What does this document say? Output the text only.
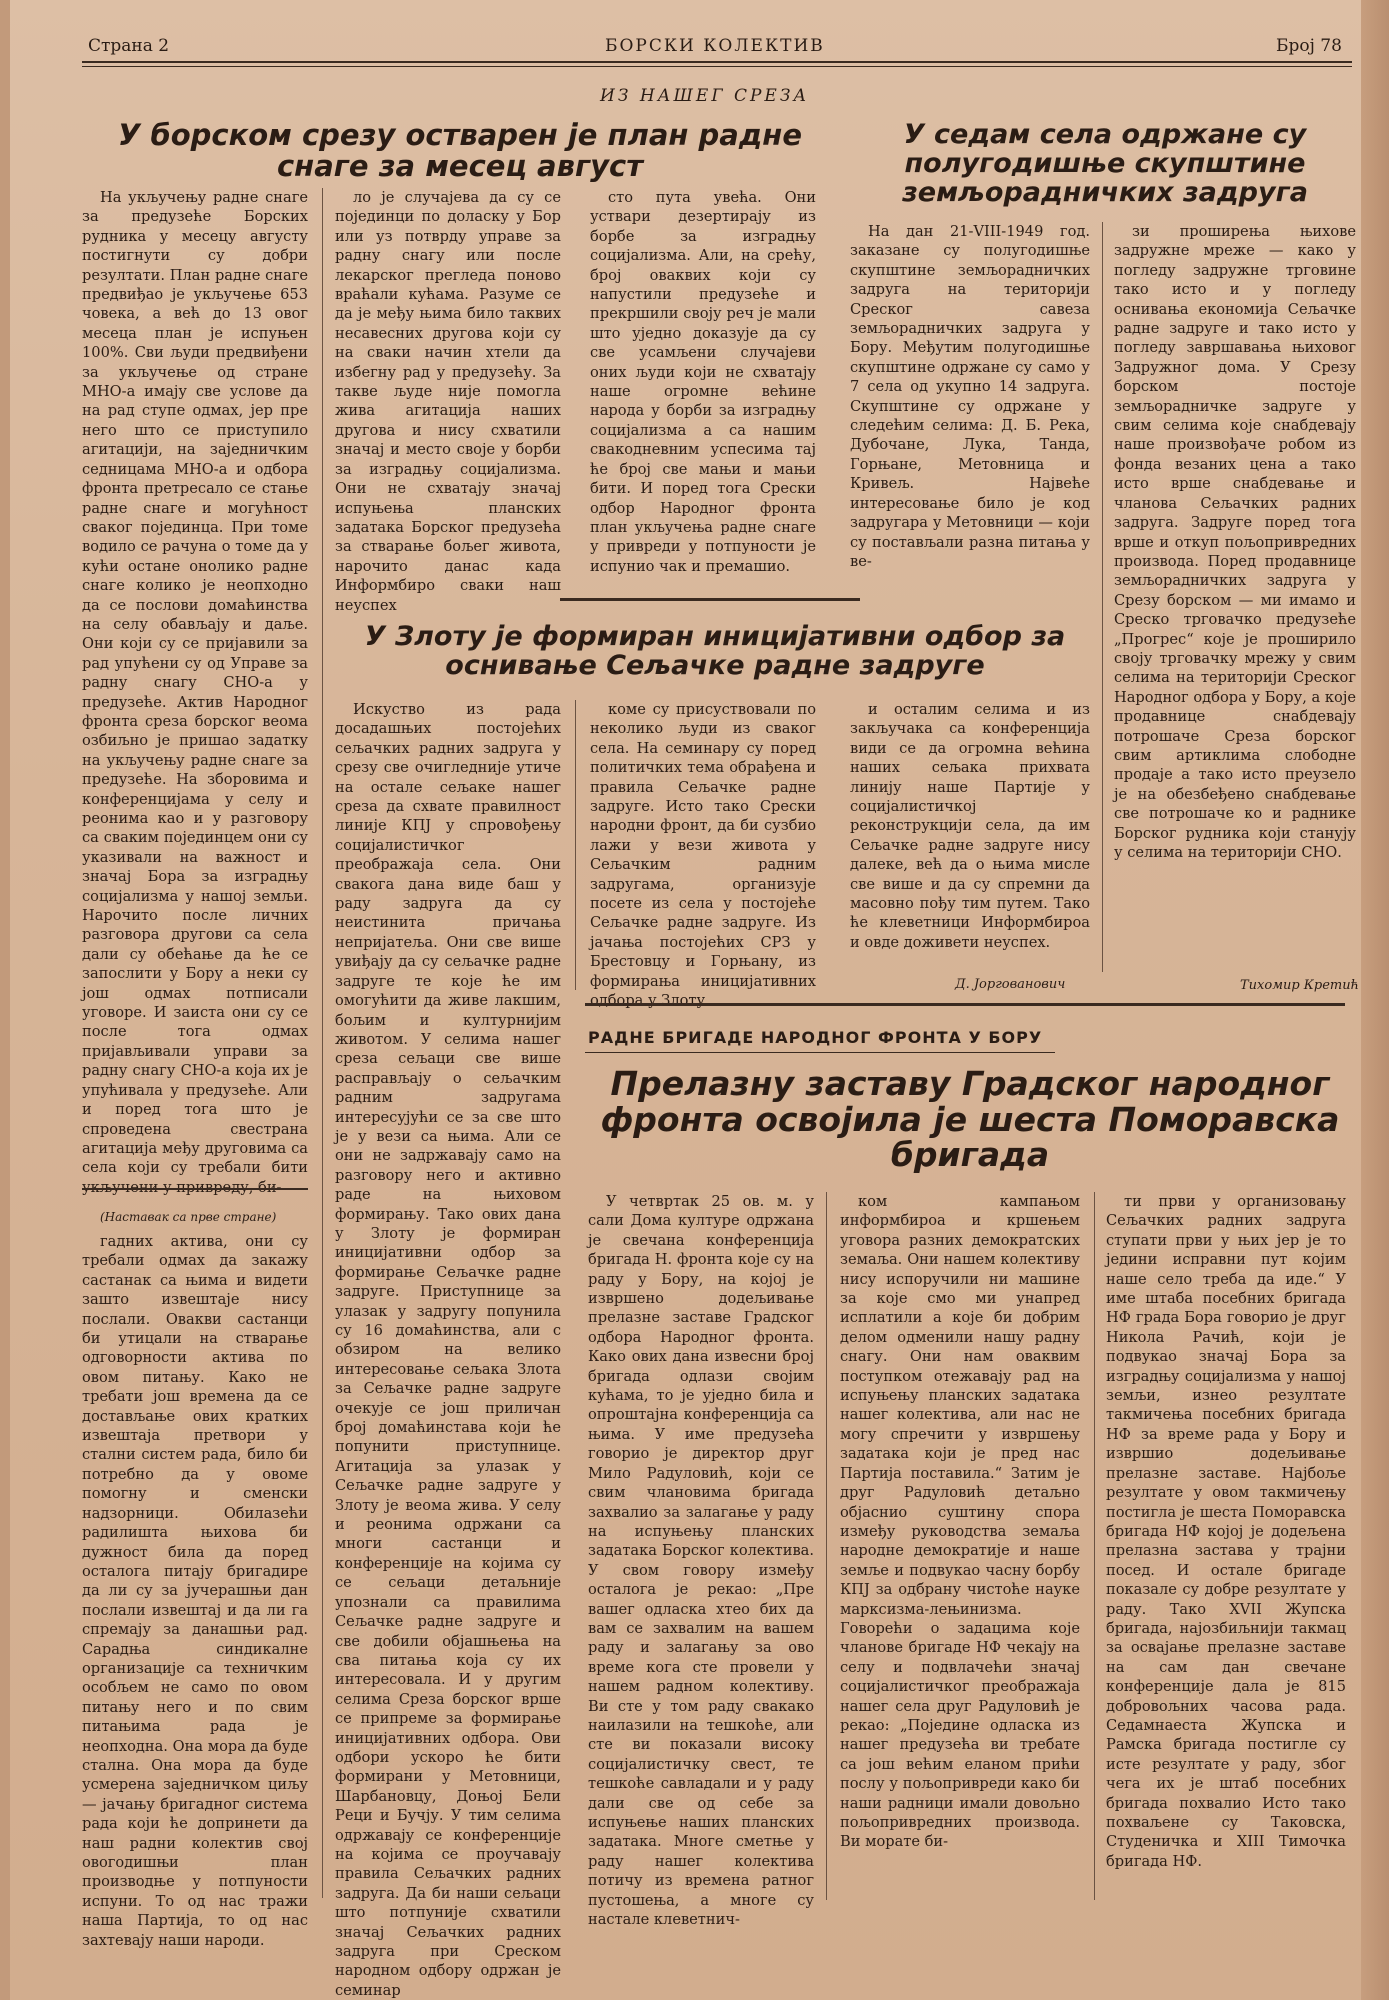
Страна 2	БОРСКИ КОЛЕКТИВ	Број 78
ИЗ НАШЕГ СРЕЗА
У борском срезу остварен је план радне снаге за месец август

На укључењу радне снаге за предузеће Борских рудника у месецу августу постигнути су добри резултати. План радне снаге предвиђао је укључење 653 човека, а већ до 13 овог месеца план је испуњен 100%. Сви људи предвиђени за укључење од стране МНО-а имају све услове да на рад ступе одмах, јер пре него што се приступило агитацији, на заједничким седницама МНО-а и одбора фронта претресало се стање радне снаге и могућност сваког појединца. При томе водило се рачуна о томе да у кући остане онолико радне снаге колико је неопходно да се послови домаћинства на селу обављају и даље. Они који су се пријавили за рад упућени су од Управе за радну снагу СНО-а у предузеће. Актив Народног фронта среза борског веома озбиљно је пришао задатку на укључењу радне снаге за предузеће. На зборовима и конференцијама у селу и реонима као и у разговору са сваким појединцем они су указивали на важност и значај Бора за изградњу социјализма у нашој земљи. Нарочито после личних разговора другови са села дали су обећање да ће се запослити у Бору а неки су још одмах потписали уговоре. И заиста они су се после тога одмах пријављивали управи за радну снагу СНО-а која их је упућивала у предузеће. Али и поред тога што је спроведена свестрана агитација међу друговима са села који су требали бити укључени у привреду, би-

ло је случајева да су се појединци по доласку у Бор или уз потврду управе за радну снагу или после лекарског прегледа поново враћали кућама. Разуме се да је међу њима било таквих несавесних другова који су на сваки начин хтели да избегну рад у предузећу. За такве људе није помогла жива агитација наших другова и нису схватили значај и место своје у борби за изградњу социјализма. Они не схватају значај испуњења планских задатака Борског предузећа за стварање бољег живота, нарочито данас када Информбиро сваки наш неуспех

сто пута увећа. Они уствари дезертирају из борбе за изградњу социјализма. Али, на срећу, број оваквих који су напустили предузеће и прекршили своју реч је мали што уједно доказује да су све усамљени случајеви оних људи који не схватају наше огромне већине народа у борби за изградњу социјализма а са нашим свакодневним успесима тај ће број све мањи и мањи бити. И поред тога Срески одбор Народног фронта план укључења радне снаге у привреди у потпуности је испунио чак и премашио.

(Наставак са прве стране)

гадних актива, они су требали одмах да закажу састанак са њима и видети зашто извештаје нису послали. Овакви састанци би утицали на стварање одговорности актива по овом питању. Како не требати још времена да се достављање ових кратких извештаја претвори у стални систем рада, било би потребно да у овоме помогну и сменски надзорници. Обилазећи радилишта њихова би дужност била да поред осталога питају бригадире да ли су за јучерашњи дан послали извештај и да ли га спремају за данашњи рад. Сарадња синдикалне организације са техничким особљем не само по овом питању него и по свим питањима рада је неопходна. Она мора да буде стална. Она мора да буде усмерена заједничком циљу — јачању бригадног система рада који ће допринети да наш радни колектив свој овогодишњи план производње у потпуности испуни. То од нас тражи наша Партија, то од нас захтевају наши народи.

У седам села одржане су полугодишње скупштине земљорадничких задруга

На дан 21-VIII-1949 год. заказане су полугодишње скупштине земљорадничких задруга на територији Среског савеза земљорадничких задруга у Бору. Међутим полугодишње скупштине одржане су само у 7 села од укупно 14 задруга. Скупштине су одржане у следећим селима: Д. Б. Река, Дубочане, Лука, Танда, Горњане, Метовница и Кривељ. Највеће интересовање било је код задругара у Метовници — који су постављали разна питања у ве-

зи проширења њихове задружне мреже — како у погледу задружне трговине тако исто и у погледу оснивања економија Сељачке радне задруге и тако исто у погледу завршавања њиховог Задружног дома. У Срезу борском постоје земљорадничке задруге у свим селима које снабдевају наше произвођаче робом из фонда везаних цена а тако исто врше снабдевање и чланова Сељачких радних задруга. Задруге поред тога врше и откуп пољопривредних производа. Поред продавнице земљорадничких задруга у Срезу борском — ми имамо и Среско трговачко предузеће „Прогрес“ које је проширило своју трговачку мрежу у свим селима на територији Среског Народног одбора у Бору, а које продавнице снабдевају потрошаче Среза борског свим артиклима слободне продаје а тако исто преузело је на обезбеђено снабдевање све потрошаче ко и раднике Борског рудника који станују у селима на територији СНО.

Тихомир Кретић
У Злоту је формиран иницијативни одбор за оснивање Сељачке радне задруге

Искуство из рада досадашњих постојећих сељачких радних задруга у срезу све очигледније утиче на остале сељаке нашег среза да схвате правилност линије КПЈ у спровођењу социјалистичког преображаја села. Они свакога дана виде баш у раду задруга да су неистинита причања непријатеља. Они све више увиђају да су сељачке радне задруге те које ће им омогућити да живе лакшим, бољим и културнијим животом. У селима нашег среза сељаци све више распрaвљају о сељачким радним задругама интересујући се за све што је у вези са њима. Али се они не задржавају само на разговору него и активно раде на њиховом формирању. Тако ових дана у Злоту је формиран иницијативни одбор за формирање Сељачке радне задруге. Приступнице за улазак у задругу попунила су 16 домаћинства, али с обзиром на велико интересовање сељака Злота за Сељачке радне задруге очекује се још приличан број домаћинстава који ће попунити приступнице. Агитација за улазак у Сељачке радне задруге у Злоту је веома жива. У селу и реонима одржани са многи састанци и конференције на којима су се сељаци детаљније упознали са правилима Сељачке радне задруге и све добили објашњења на сва питања која су их интересовала. И у другим селима Среза борског врше се припреме за формирање иницијативних одбора. Ови одбори ускоро ће бити формирани у Метовници, Шарбановцу, Доњој Бели Реци и Бучју. У тим селима одржавају се конференције на којима се проучавају правила Сељачких радних задруга. Да би наши сељаци што потпуније схватили значај Сељачких радних задруга при Среском народном одбору одржан је семинар

коме су присуствовали по неколико људи из сваког села. На семинару су поред политичких тема обрађена и правила Сељачке радне задруге. Исто тако Срески народни фронт, да би сузбио лажи у вези живота у Сељачким радним задругама, организује посете из села у постојеће Сељачке радне задруге. Из јачања постојећих СРЗ у Брестовцу и Горњану, из формирања иницијативних одбора у Злоту

и осталим селима и из закључака са конференција види се да огромна већина наших сељака прихвата линију наше Партије у социјалистичкој реконструкцији села, да им Сељачке радне задруге нису далеке, већ да о њима мисле све више и да су спремни да масовно пођу тим путем. Тако ће клеветници Информбироа и овде доживети неуспех.

Д. Јоргованович
РАДНЕ БРИГАДЕ НАРОДНОГ ФРОНТА У БОРУ
Прелазну заставу Градског народног фронта освојила је шеста Поморавска бригада

У четвртак 25 ов. м. у сали Дома културе одржана је свечана конференција бригада Н. фронта које су на раду у Бору, на којој је извршено додељивање прелазне заставе Градског одбора Народног фронта. Како ових дана извесни број бригада одлази својим кућама, то је уједно била и опроштајна конференција са њима. У име предузећа говорио је директор друг Мило Радуловић, који се свим члановима бригада захвалио за залагање у раду на испуњењу планских задатака Борског колектива. У свом говору између осталога је рекао: „Пре вашег одласка хтео бих да вам се захвалим на вашем раду и залагању за ово време кога сте провели у нашем радном колективу. Ви сте у том раду свакако наилазили на тешкоће, али сте ви показали високу социјалистичку свест, те тешкоће савладали и у раду дали све од себе за испуњење наших планских задатака. Многе сметње у раду нашег колектива потичу из времена ратног пустошења, а многе су настале клеветнич-

ком кампањом информбироа и кршењем уговора разних демократских земаља. Они нашем колективу нису испоручили ни машине за које смо ми унапред исплатили а које би добрим делом одменили нашу радну снагу. Они нам оваквим поступком отежавају рад на испуњењу планских задатака нашег колектива, али нас не могу спречити у извршењу задатака који је пред нас Партија поставила.“ Затим је друг Радуловић детаљно објаснио суштину спора између руководства земаља народне демократије и наше земље и подвукао часну борбу КПЈ за одбрану чистоће науке марксизма-лењинизма. Говорећи о задацима које чланове бригаде НФ чекају на селу и подвлачећи значај социјалистичког преображаја нашег села друг Радуловић је рекао: „Поједине одласка из нашег предузећа ви требате са још већим еланом прићи послу у пољопривреди како би наши радници имали довољно пољопривредних производа. Ви морате би-

ти први у организовању Сељачких радних задруга ступати први у њих јер је то једини исправни пут којим наше село треба да иде.“ У име штаба посебних бригада НФ града Бора говорио је друг Никола Рачић, који је подвукао значај Бора за изградњу социјализма у нашој земљи, изнео резултате такмичења посебних бригада НФ за време рада у Бору и извршио додељивање прелазне заставе. Најбоље резултате у овом такмичењу постигла је шеста Поморавска бригада НФ којој је додељена прелазна застава у трајни посед. И остале бригаде показале су добре резултате у раду. Тако XVII Жупска бригада, најозбиљнији такмац за освајање прелазне заставе на сам дан свечане конференције дала је 815 добровољних часова рада. Седамнаеста Жупска и Рамска бригада постигле су исте резултате у раду, због чега их је штаб посебних бригада похвалио Исто тако похваљене су Таковска, Студеничка и XIII Тимочка бригада НФ.
